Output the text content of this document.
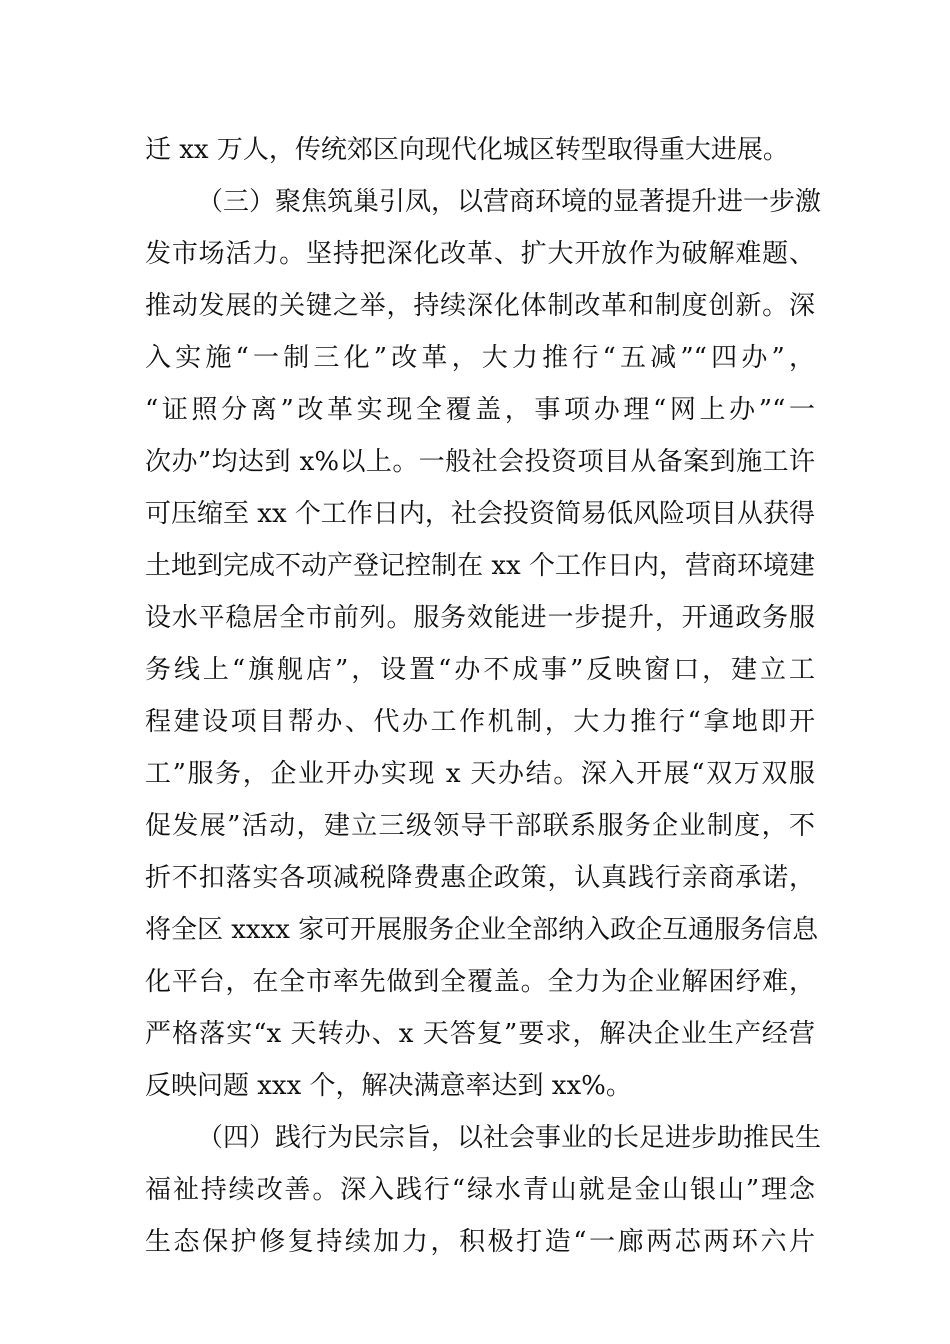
迁 xx 万人，传统郊区向现代化城区转型取得重大进展。
（三）聚焦筑巢引凤，以营商环境的显著提升进一步激
发市场活力。坚持把深化改革、扩大开放作为破解难题、
推动发展的关键之举，持续深化体制改革和制度创新。深
入实施“一制三化”改革，大力推行“五减”“四办”，
“证照分离”改革实现全覆盖，事项办理“网上办”“一
次办”均达到 x%以上。一般社会投资项目从备案到施工许
可压缩至 xx 个工作日内，社会投资简易低风险项目从获得
土地到完成不动产登记控制在 xx 个工作日内，营商环境建
设水平稳居全市前列。服务效能进一步提升，开通政务服
务线上“旗舰店”，设置“办不成事”反映窗口，建立工
程建设项目帮办、代办工作机制，大力推行“拿地即开
工”服务，企业开办实现 x 天办结。深入开展“双万双服
促发展”活动，建立三级领导干部联系服务企业制度，不
折不扣落实各项减税降费惠企政策，认真践行亲商承诺，
将全区 xxxx 家可开展服务企业全部纳入政企互通服务信息
化平台，在全市率先做到全覆盖。全力为企业解困纾难，
严格落实“x 天转办、x 天答复”要求，解决企业生产经营
反映问题 xxx 个，解决满意率达到 xx%。
（四）践行为民宗旨，以社会事业的长足进步助推民生
福祉持续改善。深入践行“绿水青山就是金山银山”理念
生态保护修复持续加力，积极打造“一廊两芯两环六片
